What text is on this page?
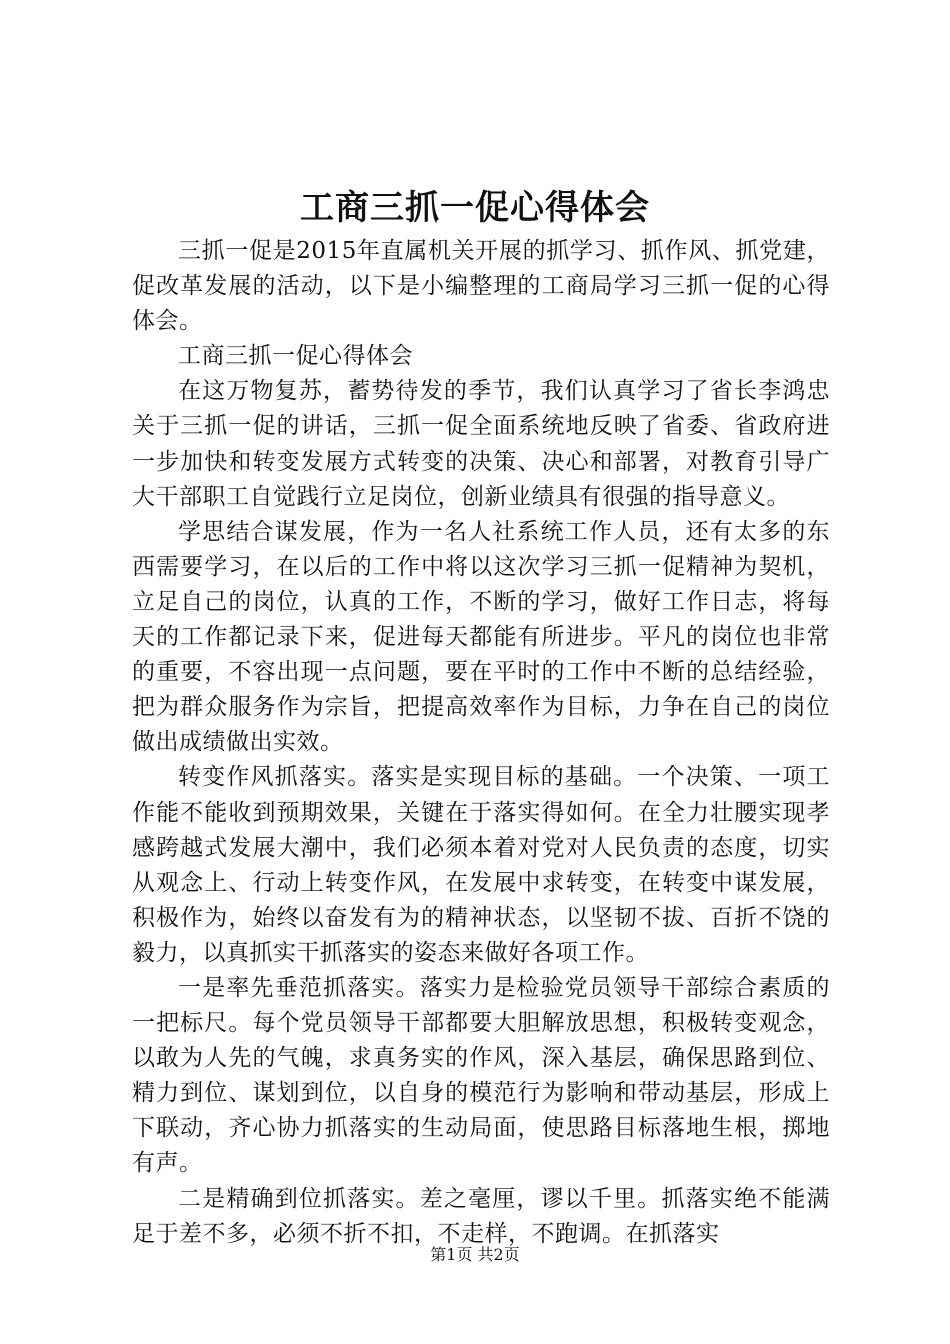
工商三抓一促心得体会

三抓一促是2015年直属机关开展的抓学习、抓作风、抓党建，促改革发展的活动，以下是小编整理的工商局学习三抓一促的心得体会。

工商三抓一促心得体会

在这万物复苏，蓄势待发的季节，我们认真学习了省长李鸿忠关于三抓一促的讲话，三抓一促全面系统地反映了省委、省政府进一步加快和转变发展方式转变的决策、决心和部署，对教育引导广大干部职工自觉践行立足岗位，创新业绩具有很强的指导意义。

学思结合谋发展，作为一名人社系统工作人员，还有太多的东西需要学习，在以后的工作中将以这次学习三抓一促精神为契机，立足自己的岗位，认真的工作，不断的学习，做好工作日志，将每天的工作都记录下来，促进每天都能有所进步。平凡的岗位也非常的重要，不容出现一点问题，要在平时的工作中不断的总结经验，把为群众服务作为宗旨，把提高效率作为目标，力争在自己的岗位做出成绩做出实效。

转变作风抓落实。落实是实现目标的基础。一个决策、一项工作能不能收到预期效果，关键在于落实得如何。在全力壮腰实现孝感跨越式发展大潮中，我们必须本着对党对人民负责的态度，切实从观念上、行动上转变作风，在发展中求转变，在转变中谋发展，积极作为，始终以奋发有为的精神状态，以坚韧不拔、百折不饶的毅力，以真抓实干抓落实的姿态来做好各项工作。

一是率先垂范抓落实。落实力是检验党员领导干部综合素质的一把标尺。每个党员领导干部都要大胆解放思想，积极转变观念，以敢为人先的气魄，求真务实的作风，深入基层，确保思路到位、精力到位、谋划到位，以自身的模范行为影响和带动基层，形成上下联动，齐心协力抓落实的生动局面，使思路目标落地生根，掷地有声。

二是精确到位抓落实。差之毫厘，谬以千里。抓落实绝不能满足于差不多，必须不折不扣，不走样，不跑调。在抓落实

第1页 共2页
